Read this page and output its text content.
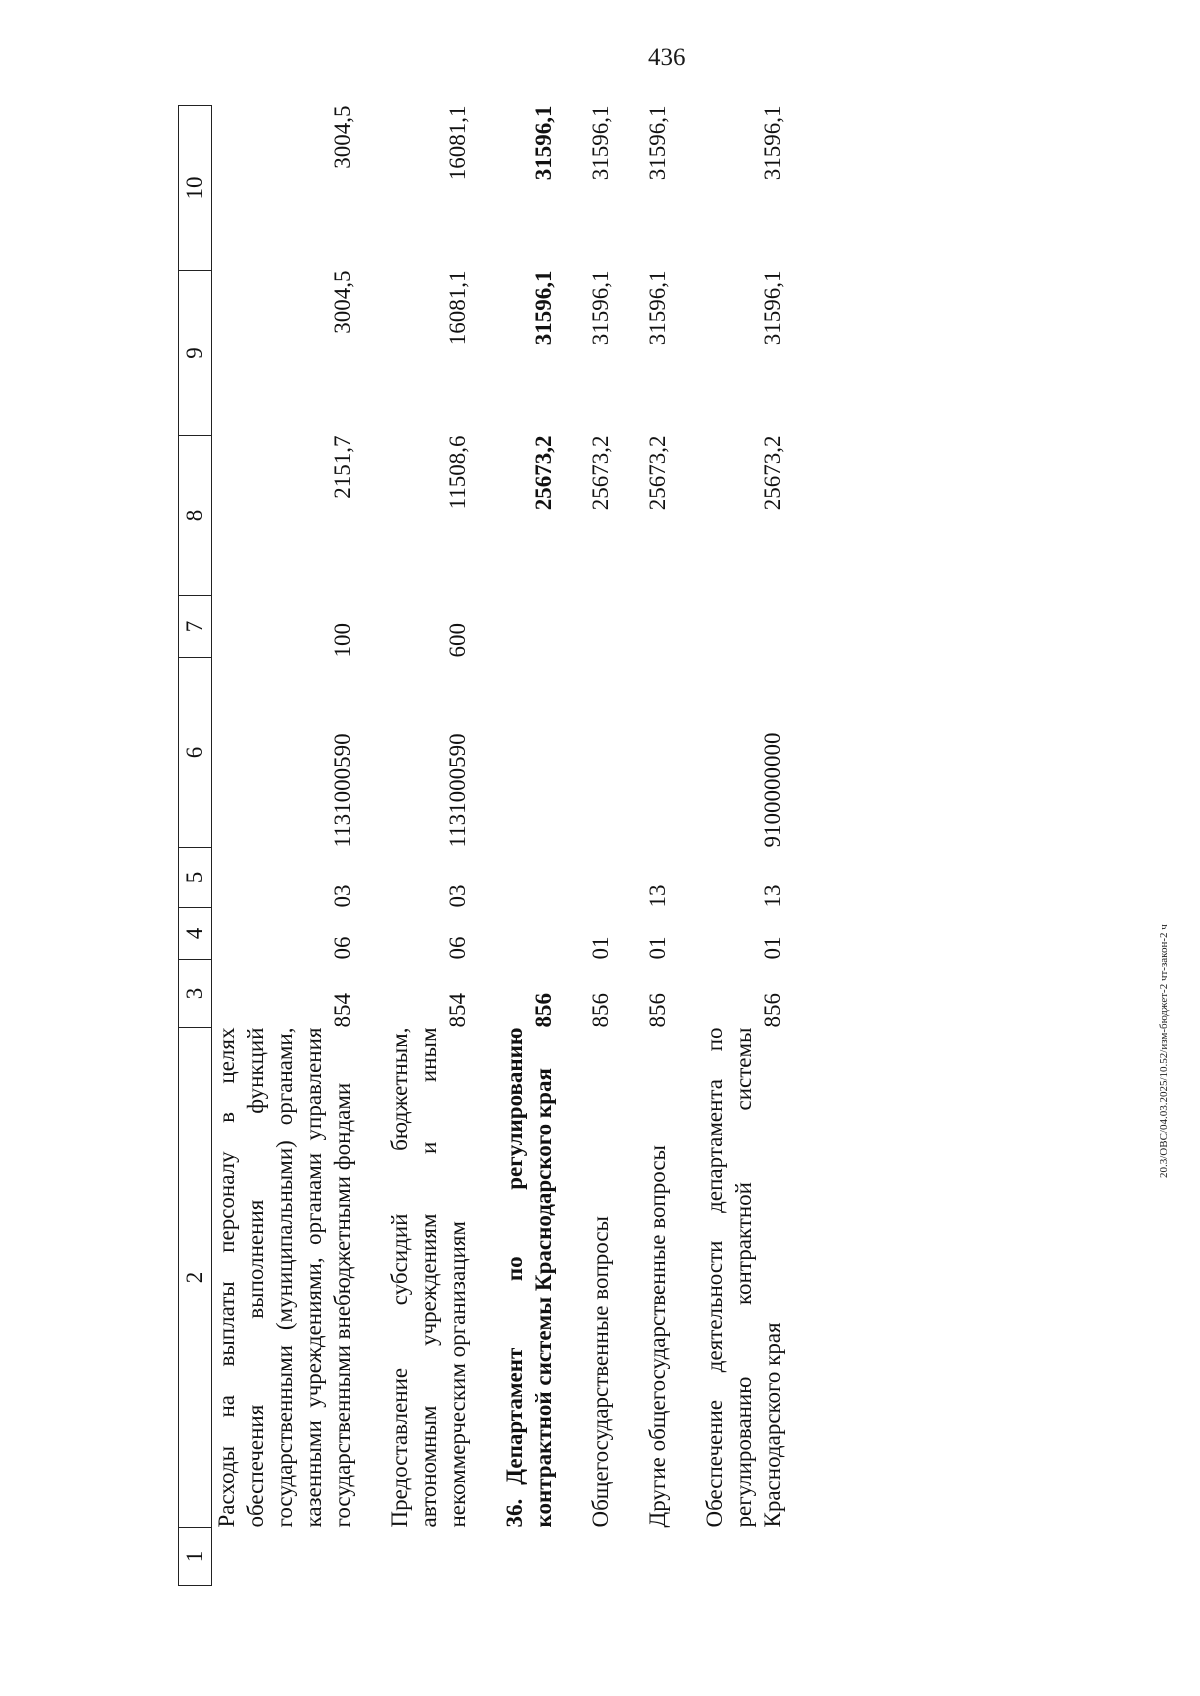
436
1	2	3	4	5	6	7	8	9	10
	Расходы на выплаты персоналу в целях обеспечения выполнения функций государственными (муниципальными) органами, казенными учреждениями, органами управления государственными внебюджетными фондами	854	06	03	1131000590	100	2151,7	3004,5	3004,5

	Предоставление субсидий бюджетным, автономным учреждениям и иным некоммерческим организациям	854	06	03	1131000590	600	11508,6	16081,1	16081,1

	36.Департамент по регулированию контрактной системы Краснодарского края	856					25673,2	31596,1	31596,1

	Общегосударственные вопросы	856	01				25673,2	31596,1	31596,1

	Другие общегосударственные вопросы	856	01	13			25673,2	31596,1	31596,1

	Обеспечение деятельности департамента по регулированию контрактной системы Краснодарского края	856	01	13	9100000000		25673,2	31596,1	31596,1
20.3/ОВС/04.03.2025/10.52/изм-бюджет-2 чт-закон-2 ч
